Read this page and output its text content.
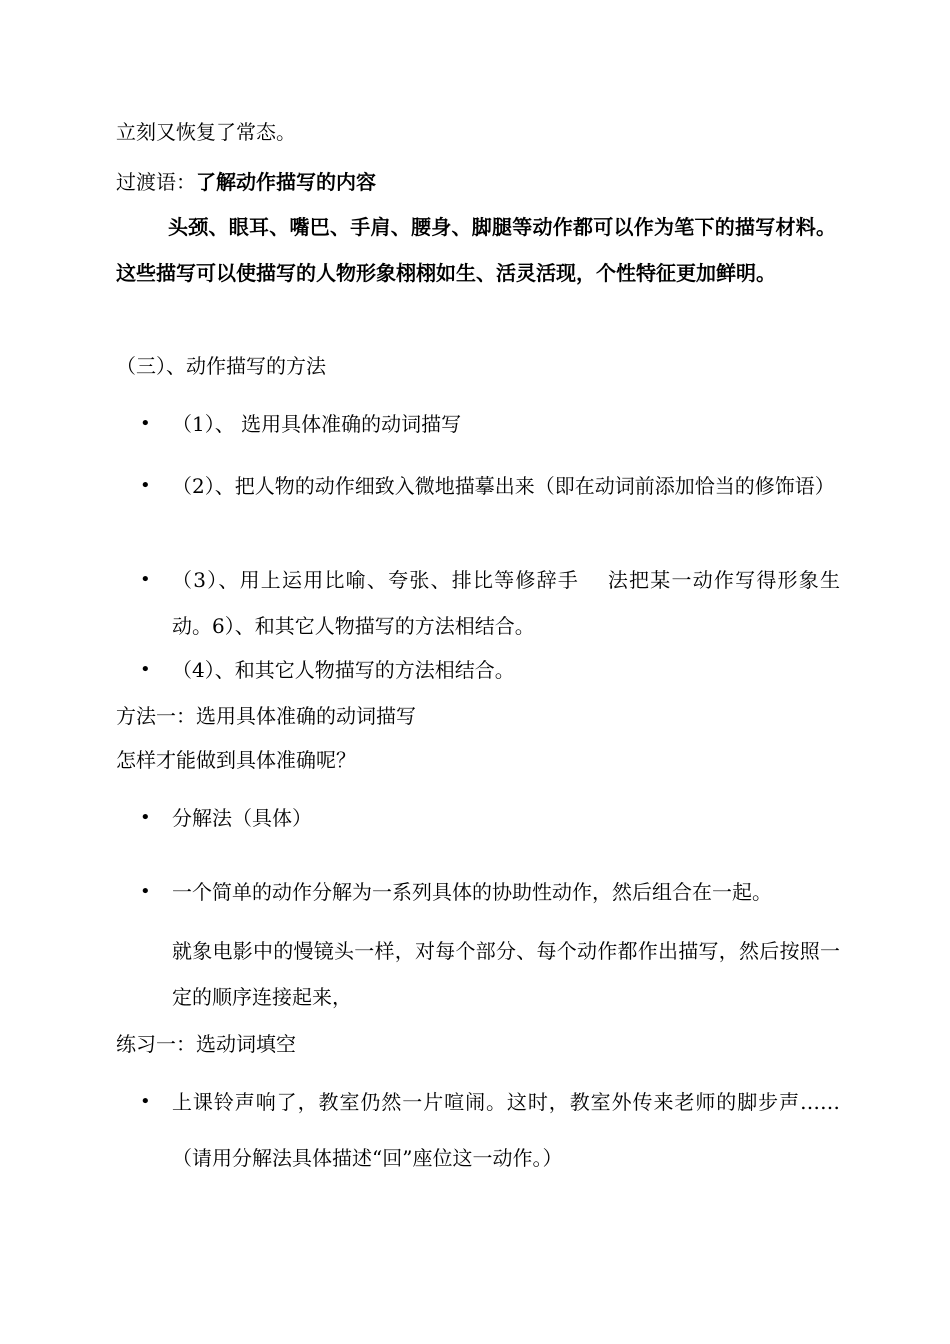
立刻又恢复了常态。
过渡语：了解动作描写的内容
头颈、眼耳、嘴巴、手肩、腰身、脚腿等动作都可以作为笔下的描写材料。这些描写可以使描写的人物形象栩栩如生、活灵活现，个性特征更加鲜明。
（三）、动作描写的方法
• （1）、 选用具体准确的动词描写
• （2）、把人物的动作细致入微地描摹出来（即在动词前添加恰当的修饰语）
• （3）、用上运用比喻、夸张、排比等修辞手　 法把某一动作写得形象生动。6）、和其它人物描写的方法相结合。
• （4）、和其它人物描写的方法相结合。
方法一：选用具体准确的动词描写
怎样才能做到具体准确呢？
• 分解法（具体）
• 一个简单的动作分解为一系列具体的协助性动作，然后组合在一起。
就象电影中的慢镜头一样，对每个部分、每个动作都作出描写，然后按照一定的顺序连接起来，
练习一：选动词填空
• 上课铃声响了，教室仍然一片喧闹。这时，教室外传来老师的脚步声……（请用分解法具体描述“回”座位这一动作。）
